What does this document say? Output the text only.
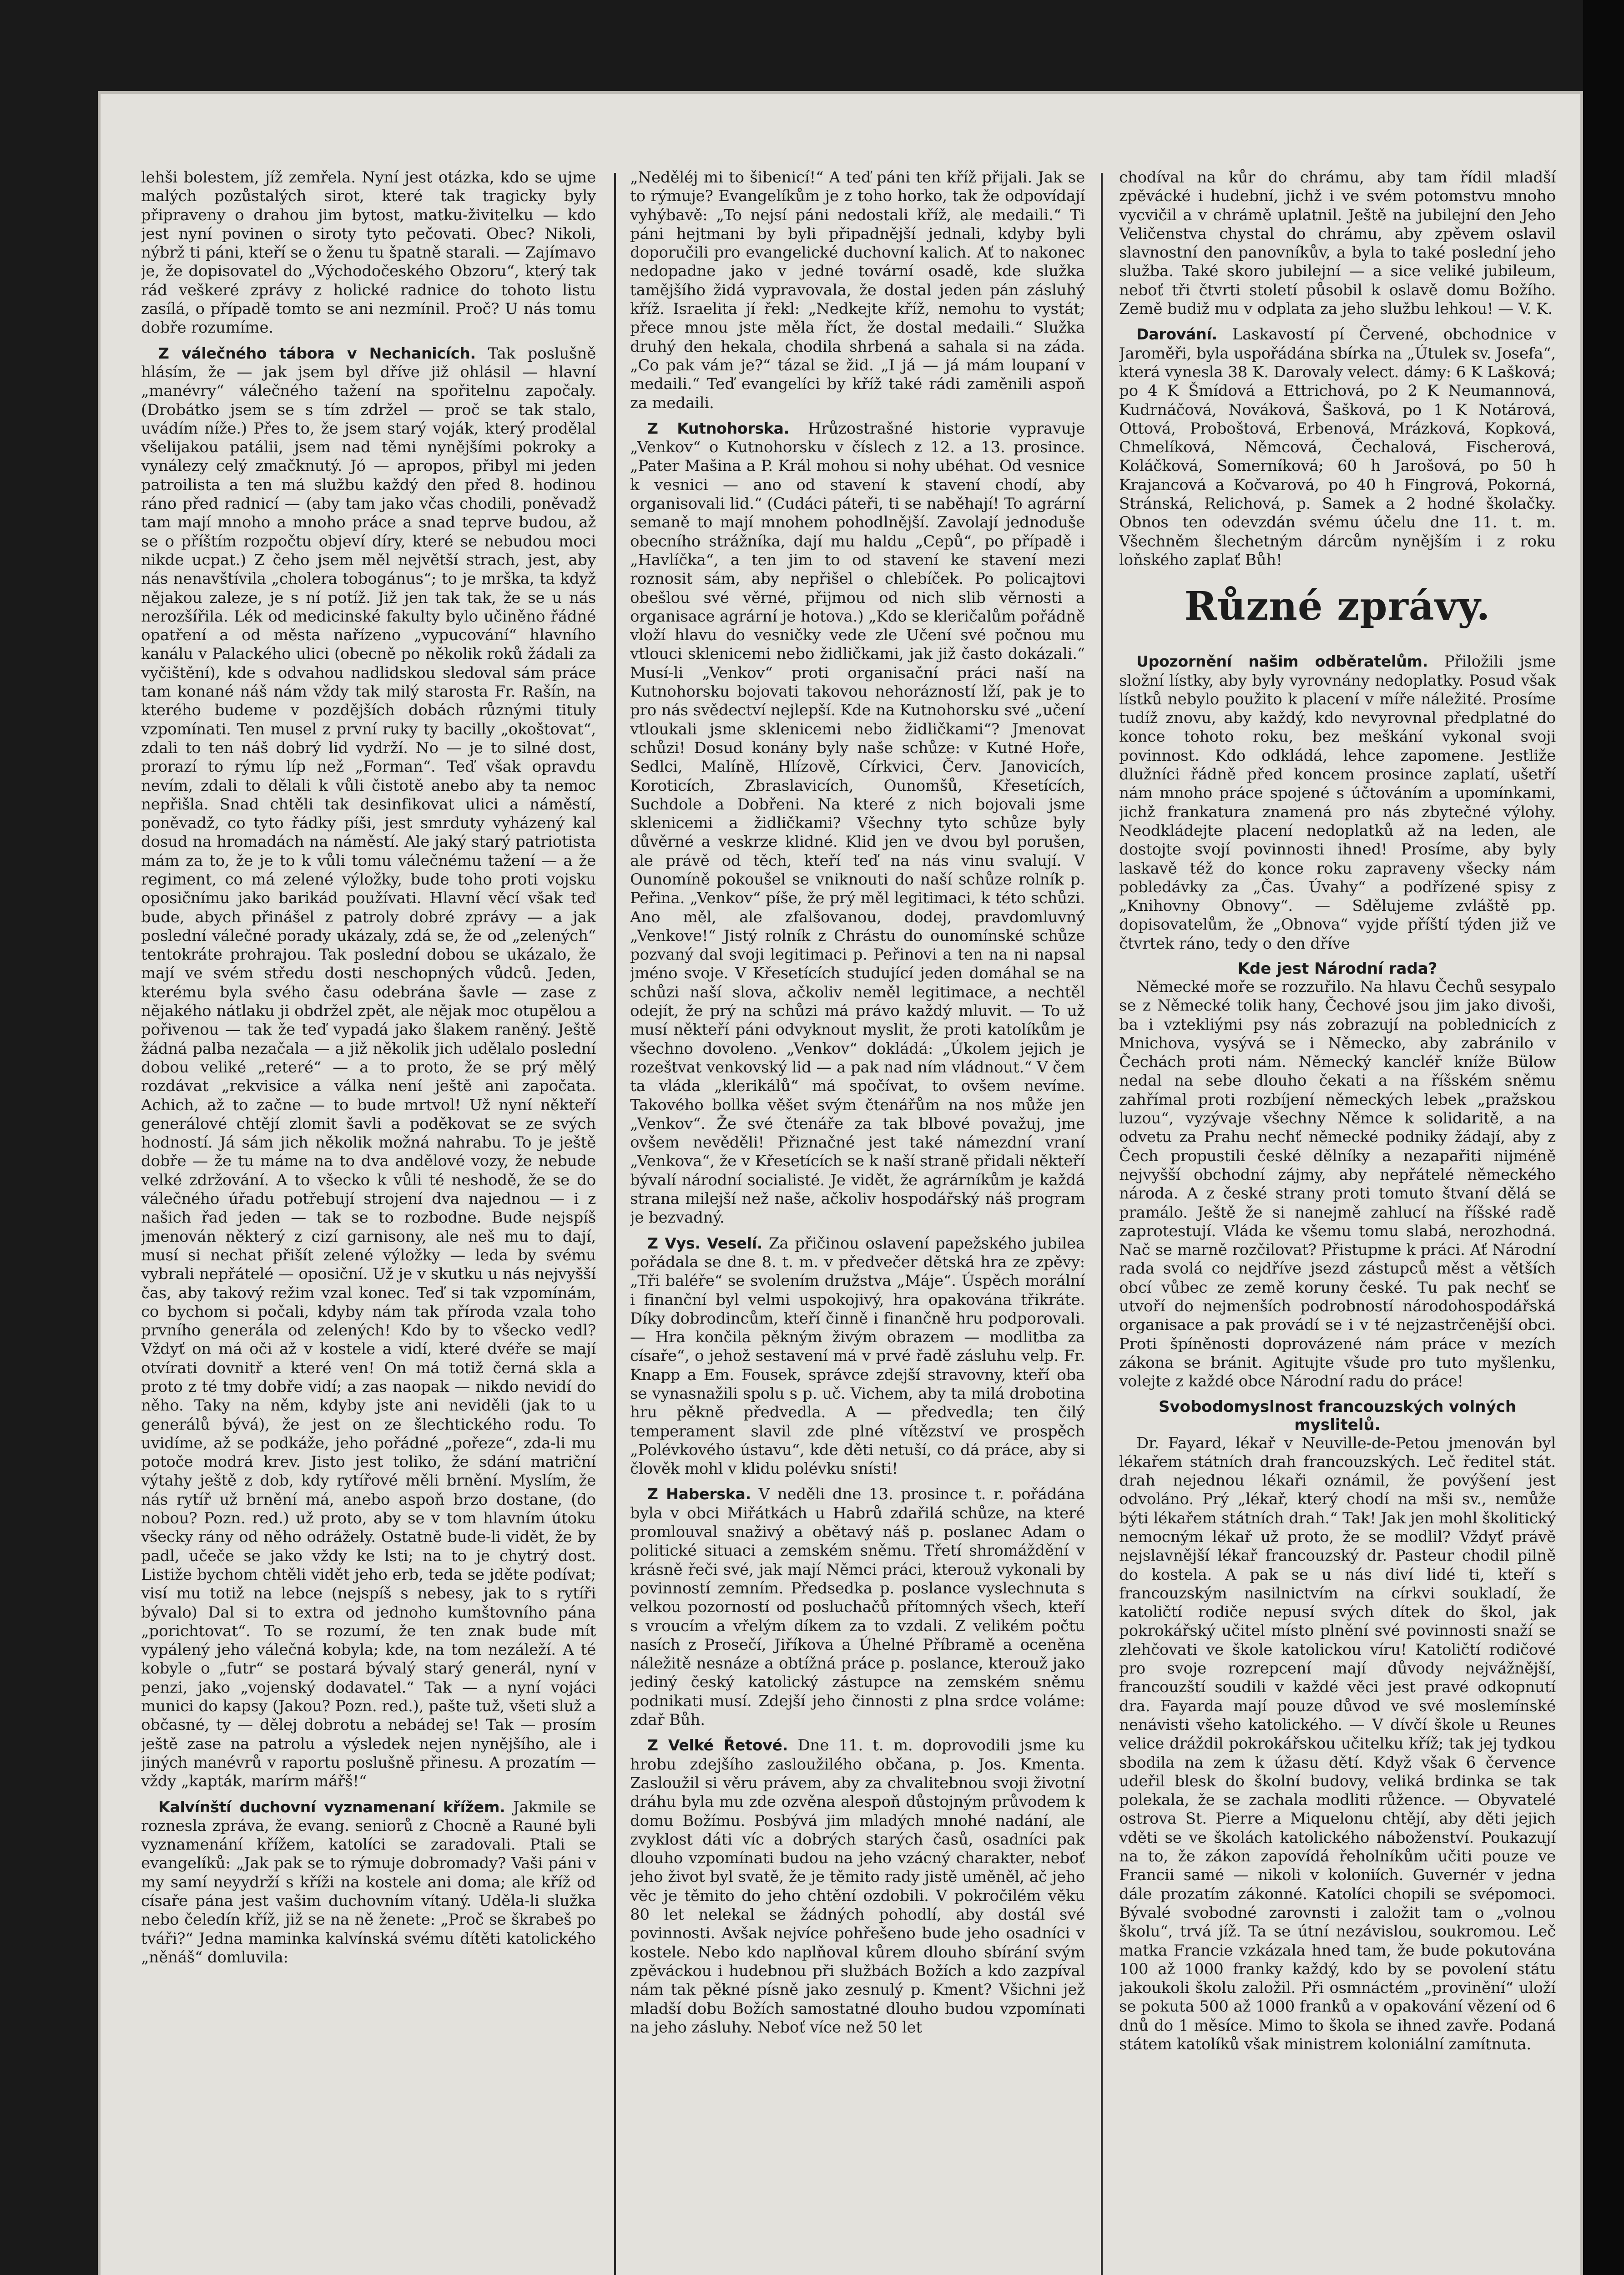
lehši bolestem, jíž zemřela. Nyní jest otázka, kdo se ujme malých pozůstalých sirot, které tak tragicky byly připraveny o drahou jim bytost, matku-živitelku — kdo jest nyní povinen o siroty tyto pečovati. Obec? Nikoli, nýbrž ti páni, kteří se o ženu tu špatně starali. — Zajímavo je, že dopisovatel do „Východočeského Obzoru“, který tak rád veškeré zprávy z holické radnice do tohoto listu zasílá, o případě tomto se ani nezmínil. Proč? U nás tomu dobře rozumíme.

Z válečného tábora v Nechanicích. Tak poslušně hlásím, že — jak jsem byl dříve již ohlásil — hlavní „manévry“ válečného tažení na spořitelnu započaly. (Drobátko jsem se s tím zdržel — proč se tak stalo, uvádím níže.) Přes to, že jsem starý voják, který prodělal všelijakou patálii, jsem nad těmi nynějšími pokroky a vynálezy celý zmačknutý. Jó — apropos, přibyl mi jeden patroilista a ten má službu každý den před 8. hodinou ráno před radnicí — (aby tam jako včas chodili, poněvadž tam mají mnoho a mnoho práce a snad teprve budou, až se o příštím rozpočtu objeví díry, které se nebudou moci nikde ucpat.) Z čeho jsem měl největší strach, jest, aby nás nenavštívila „cholera tobogánus“; to je mrška, ta když nějakou zaleze, je s ní potíž. Již jen tak tak, že se u nás nerozšířila. Lék od medicinské fakulty bylo učiněno řádné opatření a od města nařízeno „vypucování“ hlavního kanálu v Palackého ulici (obecně po několik roků žádali za vyčištění), kde s odvahou nadlidskou sledoval sám práce tam konané náš nám vždy tak milý starosta Fr. Rašín, na kterého budeme v pozdějších dobách různými tituly vzpomínati. Ten musel z první ruky ty bacilly „okoštovat“, zdali to ten náš dobrý lid vydrží. No — je to silné dost, prorazí to rýmu líp než „Forman“. Teď však opravdu nevím, zdali to dělali k vůli čistotě anebo aby ta nemoc nepřišla. Snad chtěli tak desinfikovat ulici a náměstí, poněvadž, co tyto řádky píši, jest smrduty vyházený kal dosud na hromadách na náměstí. Ale jaký starý patriotista mám za to, že je to k vůli tomu válečnému tažení — a že regiment, co má zelené výložky, bude toho proti vojsku oposičnímu jako barikád používati. Hlavní věcí však teď bude, abych přinášel z patroly dobré zprávy — a jak poslední válečné porady ukázaly, zdá se, že od „zelených“ tentokráte prohrajou. Tak poslední dobou se ukázalo, že mají ve svém středu dosti neschopných vůdců. Jeden, kterému byla svého času odebrána šavle — zase z nějakého nátlaku ji obdržel zpět, ale nějak moc otupělou a pořivenou — tak že teď vypadá jako šlakem raněný. Ještě žádná palba nezačala — a již několik jich udělalo poslední dobou veliké „reteré“ — a to proto, že se prý mělý rozdávat „rekvisice a válka není ještě ani započata. Achich, až to začne — to bude mrtvol! Už nyní někteří generálové chtějí zlomit šavli a poděkovat se ze svých hodností. Já sám jich několik možná nahrabu. To je ještě dobře — že tu máme na to dva andělové vozy, že nebude velké zdržování. A to všecko k vůli té neshodě, že se do válečného úřadu potřebují strojení dva najednou — i z našich řad jeden — tak se to rozbodne. Bude nejspíš jmenován některý z cizí garnisony, ale neš mu to dají, musí si nechat přišít zelené výložky — leda by svému vybrali nepřátelé — oposiční. Už je v skutku u nás nejvyšší čas, aby takový režim vzal konec. Teď si tak vzpomínám, co bychom si počali, kdyby nám tak příroda vzala toho prvního generála od zelených! Kdo by to všecko vedl? Vždyť on má oči až v kostele a vidí, které dvéře se mají otvírati dovnitř a které ven! On má totiž černá skla a proto z té tmy dobře vidí; a zas naopak — nikdo nevidí do něho. Taky na něm, kdyby jste ani neviděli (jak to u generálů bývá), že jest on ze šlechtického rodu. To uvidíme, až se podkáže, jeho pořádné „pořeze“, zda-li mu potoče modrá krev. Jisto jest toliko, že sdání matriční výtahy ještě z dob, kdy rytířové měli brnění. Myslím, že nás rytíř už brnění má, anebo aspoň brzo dostane, (do nobou? Pozn. red.) už proto, aby se v tom hlavním útoku všecky rány od něho odrážely. Ostatně bude-li vidět, že by padl, učeče se jako vždy ke lsti; na to je chytrý dost. Listiže bychom chtěli vidět jeho erb, teda se jděte podívat; visí mu totiž na lebce (nejspíš s nebesy, jak to s rytíři bývalo) Dal si to extra od jednoho kumštovního pána „porichtovat“. To se rozumí, že ten znak bude mít vypálený jeho válečná kobyla; kde, na tom nezáleží. A té kobyle o „futr“ se postará bývalý starý generál, nyní v penzi, jako „vojenský dodavatel.“ Tak — a nyní vojáci munici do kapsy (Jakou? Pozn. red.), pašte tuž, všeti služ a občasné, ty — dělej dobrotu a nebádej se! Tak — prosím ještě zase na patrolu a výsledek nejen nynějšího, ale i jiných manévrů v raportu poslušně přinesu. A prozatím — vždy „kapták, marírm mářš!“

Kalvínští duchovní vyznamenaní křížem. Jakmile se roznesla zpráva, že evang. seniorů z Chocně a Rauné byli vyznamenání křížem, katolíci se zaradovali. Ptali se evangelíků: „Jak pak se to rýmuje dobromady? Vaši páni v my samí neyydrží s kříži na kostele ani doma; ale kříž od císaře pána jest vašim duchovním vítaný. Uděla-li služka nebo čeledín kříž, již se na ně ženete: „Proč se škrabeš po tváři?“ Jedna maminka kalvínská svému dítěti katolického „něnáš“ domluvila:

„Neděléj mi to šibenicí!“ A teď páni ten kříž přijali. Jak se to rýmuje? Evangelíkům je z toho horko, tak že odpovídají vyhýbavě: „To nejsí páni nedostali kříž, ale medaili.“ Ti páni hejtmani by byli připadnější jednali, kdyby byli doporučili pro evangelické duchovní kalich. Ať to nakonec nedopadne jako v jedné tovární osadě, kde služka tamějšího židá vypravovala, že dostal jeden pán zásluhý kříž. Israelita jí řekl: „Nedkejte kříž, nemohu to vystát; přece mnou jste měla říct, že dostal medaili.“ Služka druhý den hekala, chodila shrbená a sahala si na záda. „Co pak vám je?“ tázal se žid. „I já — já mám loupaní v medaili.“ Teď evangelíci by kříž také rádi zaměnili aspoň za medaili.

Z Kutnohorska. Hrůzostrašné historie vypravuje „Venkov“ o Kutnohorsku v číslech z 12. a 13. prosince. „Pater Mašina a P. Král mohou si nohy ubéhat. Od vesnice k vesnici — ano od stavení k stavení chodí, aby organisovali lid.“ (Cudáci páteři, ti se naběhají! To agrární semaně to mají mnohem pohodlnější. Zavolají jednoduše obecního strážníka, dají mu haldu „Cepů“, po případě i „Havlíčka“, a ten jim to od stavení ke stavení mezi roznosit sám, aby nepřišel o chlebíček. Po policajtovi obešlou své věrné, přijmou od nich slib věrnosti a organisace agrární je hotova.) „Kdo se kleričalům pořádně vloží hlavu do vesničky vede zle Učení své počnou mu vtlouci sklenicemi nebo židličkami, jak již často dokázali.“ Musí-li „Venkov“ proti organisační práci naší na Kutnohorsku bojovati takovou nehorázností lží, pak je to pro nás svědectví nejlepší. Kde na Kutnohorsku své „učení vtloukali jsme sklenicemi nebo židličkami“? Jmenovat schůzi! Dosud konány byly naše schůze: v Kutné Hoře, Sedlci, Malíně, Hlízově, Církvici, Červ. Janovicích, Koroticích, Zbraslavicích, Ounomšů, Křesetících, Suchdole a Dobřeni. Na které z nich bojovali jsme sklenicemi a židličkami? Všechny tyto schůze byly důvěrné a veskrze klidné. Klid jen ve dvou byl porušen, ale právě od těch, kteří teď na nás vinu svalují. V Ounomíně pokoušel se vniknouti do naší schůze rolník p. Peřina. „Venkov“ píše, že prý měl legitimaci, k této schůzi. Ano měl, ale zfalšovanou, dodej, pravdomluvný „Venkove!“ Jistý rolník z Chrástu do ounomínské schůze pozvaný dal svoji legitimaci p. Peřinovi a ten na ni napsal jméno svoje. V Křesetících studující jeden domáhal se na schůzi naší slova, ačkoliv neměl legitimace, a nechtěl odejít, že prý na schůzi má právo každý mluvit. — To už musí někteří páni odvyknout myslit, že proti katolíkům je všechno dovoleno. „Venkov“ dokládá: „Úkolem jejich je rozeštvat venkovský lid — a pak nad ním vládnout.“ V čem ta vláda „klerikálů“ má spočívat, to ovšem nevíme. Takového bollka věšet svým čtenářům na nos může jen „Venkov“. Že své čtenáře za tak blbové považuj, jme ovšem nevěděli! Přiznačné jest také námezdní vraní „Venkova“, že v Křesetících se k naší straně přidali někteří bývalí národní socialisté. Je vidět, že agrárníkům je každá strana milejší než naše, ačkoliv hospodářský náš program je bezvadný.

Z Vys. Veselí. Za přičinou oslavení papežského jubilea pořádala se dne 8. t. m. v předvečer dětská hra ze zpěvy: „Tři baléře“ se svolením družstva „Máje“. Úspěch morální i finanční byl velmi uspokojivý, hra opakována třikráte. Díky dobrodincům, kteří činně i finančně hru podporovali. — Hra končila pěkným živým obrazem — modlitba za císaře“, o jehož sestavení má v prvé řadě zásluhu velp. Fr. Knapp a Em. Fousek, správce zdejší stravovny, kteří oba se vynasnažili spolu s p. uč. Vichem, aby ta milá drobotina hru pěkně předvedla. A — předvedla; ten čilý temperament slavil zde plné vítězství ve prospěch „Polévkového ústavu“, kde děti netuší, co dá práce, aby si člověk mohl v klidu polévku snísti!

Z Haberska. V neděli dne 13. prosince t. r. pořádána byla v obci Miřátkách u Habrů zdařilá schůze, na které promlouval snaživý a obětavý náš p. poslanec Adam o politické situaci a zemském sněmu. Třetí shromáždění v krásně řeči své, jak mají Němci práci, kterouž vykonali by povinností zemním. Předsedka p. poslance vyslechnuta s velkou pozorností od posluchačů přítomných všech, kteří s vroucím a vřelým díkem za to vzdali. Z velikém počtu nasích z Prosečí, Jiříkova a Úhelné Příbramě a oceněna náležitě nesnáze a obtížná práce p. poslance, kterouž jako jediný český katolický zástupce na zemském sněmu podnikati musí. Zdejší jeho činnosti z plna srdce voláme: zdař Bůh.

Z Velké Řetové. Dne 11. t. m. doprovodili jsme ku hrobu zdejšího zasloužilého občana, p. Jos. Kmenta. Zasloužil si věru právem, aby za chvalitebnou svoji životní dráhu byla mu zde ozvěna alespoň důstojným průvodem k domu Božímu. Posbývá jim mladých mnohé nadání, ale zvyklost dáti víc a dobrých starých časů, osadníci pak dlouho vzpomínati budou na jeho vzácný charakter, neboť jeho život byl svatě, že je těmito rady jistě uměněl, ač jeho věc je těmito do jeho chtění ozdobili. V pokročilém věku 80 let nelekal se žádných pohodlí, aby dostál své povinnosti. Avšak nejvíce pohřešeno bude jeho osadníci v kostele. Nebo kdo naplňoval kůrem dlouho sbírání svým zpěváckou i hudebnou při službách Božích a kdo zazpíval nám tak pěkné písně jako zesnulý p. Kment? Všichni jež mladší dobu Božích samostatné dlouho budou vzpomínati na jeho zásluhy. Neboť více než 50 let

chodíval na kůr do chrámu, aby tam řídil mladší zpěvácké i hudební, jichž i ve svém potomstvu mnoho vycvičil a v chrámě uplatnil. Ještě na jubilejní den Jeho Veličenstva chystal do chrámu, aby zpěvem oslavil slavnostní den panovníkův, a byla to také poslední jeho služba. Také skoro jubilejní — a sice veliké jubileum, neboť tři čtvrti století působil k oslavě domu Božího. Země budiž mu v odplata za jeho službu lehkou! — V. K.

Darování. Laskavostí pí Červené, obchodnice v Jaroměři, byla uspořádána sbírka na „Útulek sv. Josefa“, která vynesla 38 K. Darovaly velect. dámy: 6 K Lašková; po 4 K Šmídová a Ettrichová, po 2 K Neumannová, Kudrnáčová, Nováková, Šašková, po 1 K Notárová, Ottová, Proboštová, Erbenová, Mrázková, Kopková, Chmelíková, Němcová, Čechalová, Fischerová, Koláčková, Somerníková; 60 h Jarošová, po 50 h Krajancová a Kočvarová, po 40 h Fingrová, Pokorná, Stránská, Relichová, p. Samek a 2 hodné školačky. Obnos ten odevzdán svému účelu dne 11. t. m. Všechněm šlechetným dárcům nynějším i z roku loňského zaplať Bůh!

Různé zprávy.

Upozornění našim odběratelům. Přiložili jsme složní lístky, aby byly vyrovnány nedoplatky. Posud však lístků nebylo použito k placení v míře náležité. Prosíme tudíž znovu, aby každý, kdo nevyrovnal předplatné do konce tohoto roku, bez meškání vykonal svoji povinnost. Kdo odkládá, lehce zapomene. Jestliže dlužníci řádně před koncem prosince zaplatí, ušetří nám mnoho práce spojené s účtováním a upomínkami, jichž frankatura znamená pro nás zbytečné výlohy. Neodkládejte placení nedoplatků až na leden, ale dostojte svojí povinnosti ihned! Prosíme, aby byly laskavě též do konce roku zapraveny všecky nám pobledávky za „Čas. Úvahy“ a podřízené spisy z „Knihovny Obnovy“. — Sdělujeme zvláště pp. dopisovatelům, že „Obnova“ vyjde příští týden již ve čtvrtek ráno, tedy o den dříve

Kde jest Národní rada?

Německé moře se rozzuřilo. Na hlavu Čechů sesypalo se z Německé tolik hany, Čechové jsou jim jako divoši, ba i vztekliými psy nás zobrazují na poblednicích z Mnichova, vysývá se i Německo, aby zabránilo v Čechách proti nám. Německý kancléř kníže Bülow nedal na sebe dlouho čekati a na říšském sněmu zahřímal proti rozbíjení německých lebek „pražskou luzou“, vyzývaje všechny Němce k solidaritě, a na odvetu za Prahu nechť německé podniky žádají, aby z Čech propustili české dělníky a nezapařiti nijméně nejvyšší obchodní zájmy, aby nepřátelé německého národa. A z české strany proti tomuto štvaní dělá se pramálo. Ještě že si nanejmě zahlucí na říšské radě zaprotestují. Vláda ke všemu tomu slabá, nerozhodná. Nač se marně rozčilovat? Přistupme k práci. Ať Národní rada svolá co nejdříve jsezd zástupců měst a větších obcí vůbec ze země koruny české. Tu pak nechť se utvoří do nejmenších podrobností národohospodářská organisace a pak provádí se i v té nejzastrčenější obci. Proti špíněnosti doprovázené nám práce v mezích zákona se bránit. Agitujte všude pro tuto myšlenku, volejte z každé obce Národní radu do práce!

Svobodomyslnost francouzských volných myslitelů.

Dr. Fayard, lékař v Neuville-de-Petou jmenován byl lékařem státních drah francouzských. Leč ředitel stát. drah nejednou lékaři oznámil, že povýšení jest odvoláno. Prý „lékař, který chodí na mši sv., nemůže býti lékařem státních drah.“ Tak! Jak jen mohl školitický nemocným lékař už proto, že se modlil? Vždyť právě nejslavnější lékař francouzský dr. Pasteur chodil pilně do kostela. A pak se u nás diví lidé ti, kteří s francouzským nasilnictvím na církvi soukladí, že katoličtí rodiče nepusí svých dítek do škol, jak pokrokářský učitel místo plnění své povinnosti snaží se zlehčovati ve škole katolickou víru! Katoličtí rodičové pro svoje rozrepcení mají důvody nejvážnější, francouzští soudili v každé věci jest pravé odkopnutí dra. Fayarda mají pouze důvod ve své moslemínské nenávisti všeho katolického. — V dívčí škole u Reunes velice dráždil pokrokářskou učitelku kříž; tak jej tydkou sbodila na zem k úžasu dětí. Když však 6 července udeřil blesk do školní budovy, veliká brdinka se tak polekala, že se zachala modliti růžence. — Obyvatelé ostrova St. Pierre a Miquelonu chtějí, aby děti jejich vděti se ve školách katolického náboženství. Poukazují na to, že zákon zapovídá řeholníkům učiti pouze ve Francii samé — nikoli v koloniích. Guvernér v jedna dále prozatím zákonné. Katolíci chopili se svépomoci. Bývalé svobodné zarovnsti i založit tam o „volnou školu“, trvá jíž. Ta se útní nezávislou, soukromou. Leč matka Francie vzkázala hned tam, že bude pokutována 100 až 1000 franky každý, kdo by se povolení státu jakoukoli školu založil. Při osmnáctém „provinění“ uloží se pokuta 500 až 1000 franků a v opakování vězení od 6 dnů do 1 měsíce. Mimo to škola se ihned zavře. Podaná státem katolíků však ministrem koloniální zamítnuta.
